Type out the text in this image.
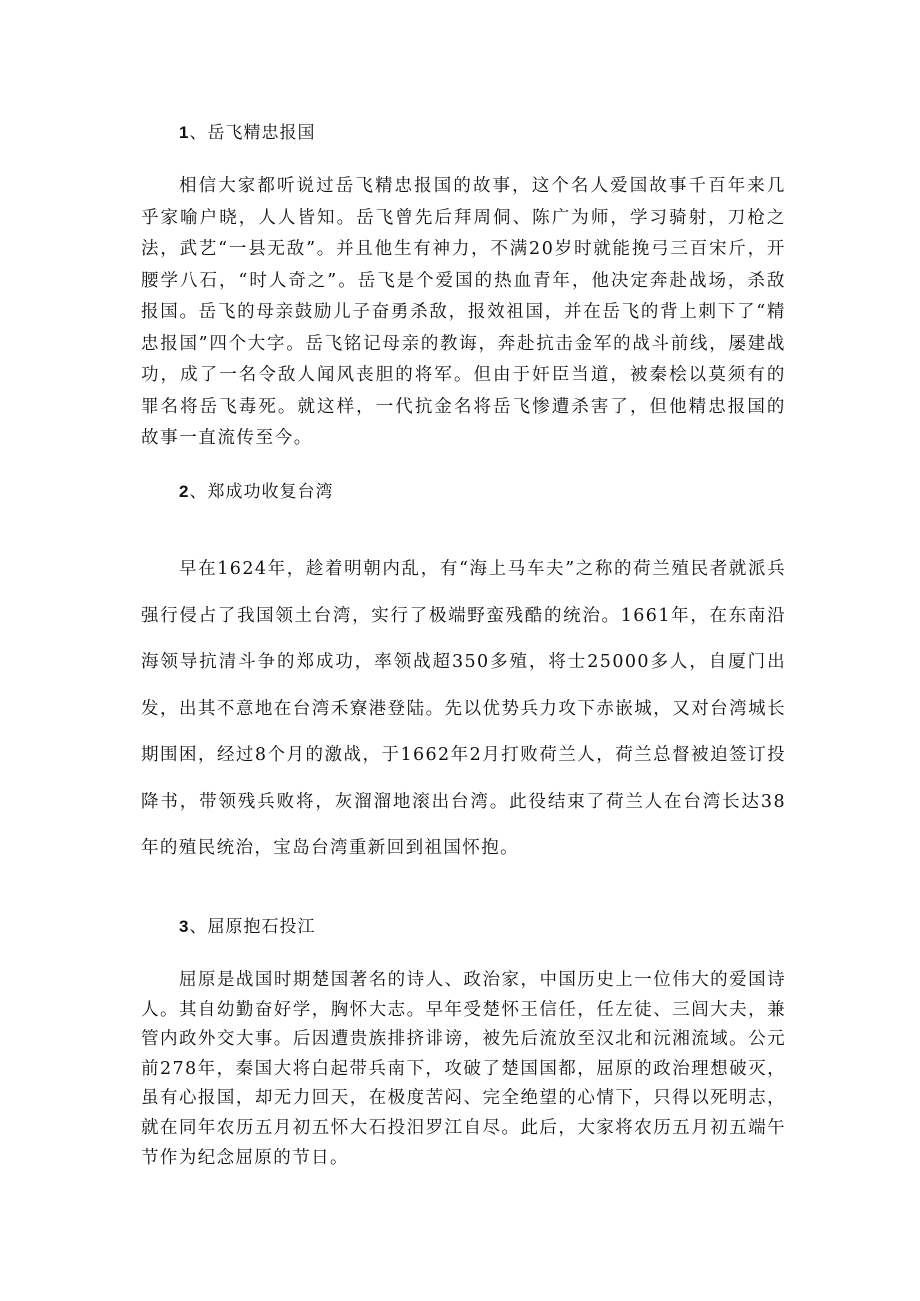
1、岳飞精忠报国

相信大家都听说过岳飞精忠报国的故事，这个名人爱国故事千百年来几乎家喻户晓，人人皆知。岳飞曾先后拜周侗、陈广为师，学习骑射，刀枪之法，武艺“一县无敌”。并且他生有神力，不满20岁时就能挽弓三百宋斤，开腰学八石，“时人奇之”。岳飞是个爱国的热血青年，他决定奔赴战场，杀敌报国。岳飞的母亲鼓励儿子奋勇杀敌，报效祖国，并在岳飞的背上刺下了“精忠报国”四个大字。岳飞铭记母亲的教诲，奔赴抗击金军的战斗前线，屡建战功，成了一名令敌人闻风丧胆的将军。但由于奸臣当道，被秦桧以莫须有的罪名将岳飞毒死。就这样，一代抗金名将岳飞惨遭杀害了，但他精忠报国的故事一直流传至今。

2、郑成功收复台湾

早在1624年，趁着明朝内乱，有“海上马车夫”之称的荷兰殖民者就派兵强行侵占了我国领土台湾，实行了极端野蛮残酷的统治。1661年，在东南沿海领导抗清斗争的郑成功，率领战超350多殖，将士25000多人，自厦门出发，出其不意地在台湾禾寮港登陆。先以优势兵力攻下赤嵌城，又对台湾城长期围困，经过8个月的激战，于1662年2月打败荷兰人，荷兰总督被迫签订投降书，带领残兵败将，灰溜溜地滚出台湾。此役结束了荷兰人在台湾长达38年的殖民统治，宝岛台湾重新回到祖国怀抱。

3、屈原抱石投江

屈原是战国时期楚国著名的诗人、政治家，中国历史上一位伟大的爱国诗人。其自幼勤奋好学，胸怀大志。早年受楚怀王信任，任左徒、三闾大夫，兼管内政外交大事。后因遭贵族排挤诽谤，被先后流放至汉北和沅湘流域。公元前278年，秦国大将白起带兵南下，攻破了楚国国都，屈原的政治理想破灭，虽有心报国，却无力回天，在极度苦闷、完全绝望的心情下，只得以死明志，就在同年农历五月初五怀大石投汨罗江自尽。此后，大家将农历五月初五端午节作为纪念屈原的节日。
